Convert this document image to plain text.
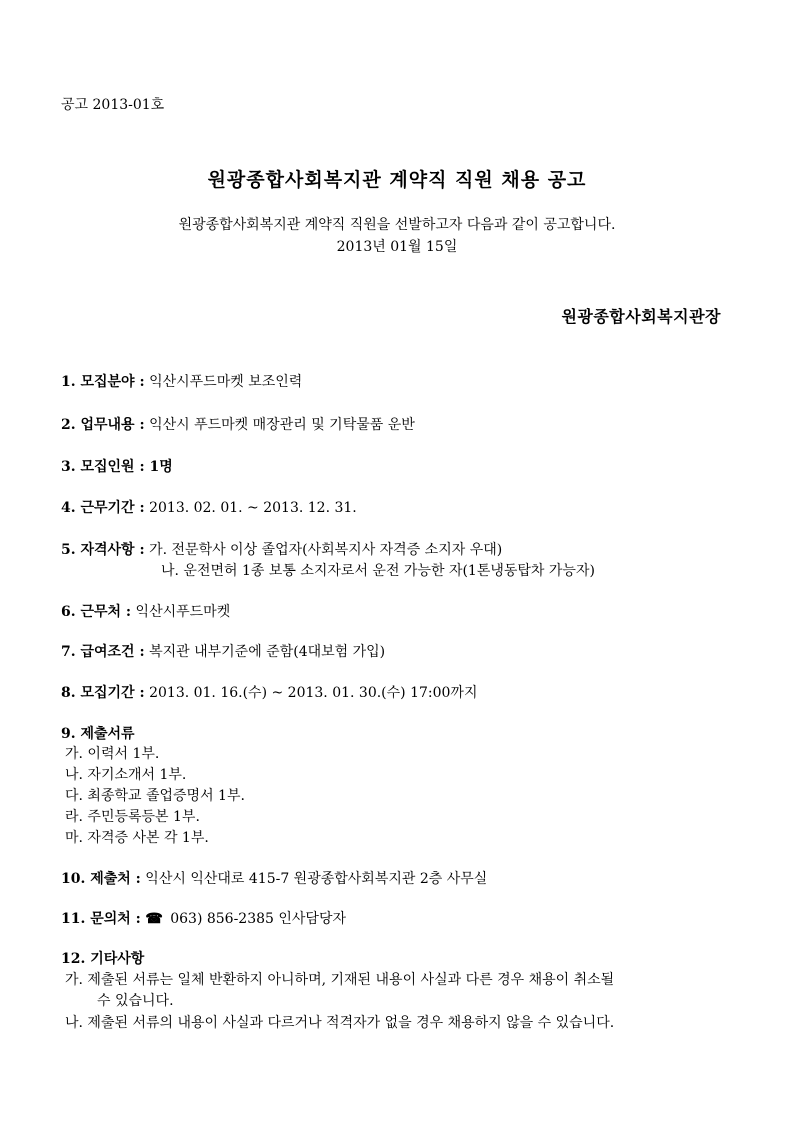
공고 2013-01호
원광종합사회복지관 계약직 직원 채용 공고
원광종합사회복지관 계약직 직원을 선발하고자 다음과 같이 공고합니다.
2013년 01월 15일
원광종합사회복지관장
1. 모집분야 : 익산시푸드마켓 보조인력
2. 업무내용 : 익산시 푸드마켓 매장관리 및 기탁물품 운반
3. 모집인원 : 1명
4. 근무기간 : 2013. 02. 01. ~ 2013. 12. 31.
5. 자격사항 : 가. 전문학사 이상 졸업자(사회복지사 자격증 소지자 우대)
나. 운전면허 1종 보통 소지자로서 운전 가능한 자(1톤냉동탑차 가능자)
6. 근무처 : 익산시푸드마켓
7. 급여조건 : 복지관 내부기준에 준함(4대보험 가입)
8. 모집기간 : 2013. 01. 16.(수) ~ 2013. 01. 30.(수) 17:00까지
9. 제출서류
가. 이력서 1부.
나. 자기소개서 1부.
다. 최종학교 졸업증명서 1부.
라. 주민등록등본 1부.
마. 자격증 사본 각 1부.
10. 제출처 : 익산시 익산대로 415-7 원광종합사회복지관 2층 사무실
11. 문의처 : ☎ 063) 856-2385 인사담당자
12. 기타사항
가. 제출된 서류는 일체 반환하지 아니하며, 기재된 내용이 사실과 다른 경우 채용이 취소될
수 있습니다.
나. 제출된 서류의 내용이 사실과 다르거나 적격자가 없을 경우 채용하지 않을 수 있습니다.
